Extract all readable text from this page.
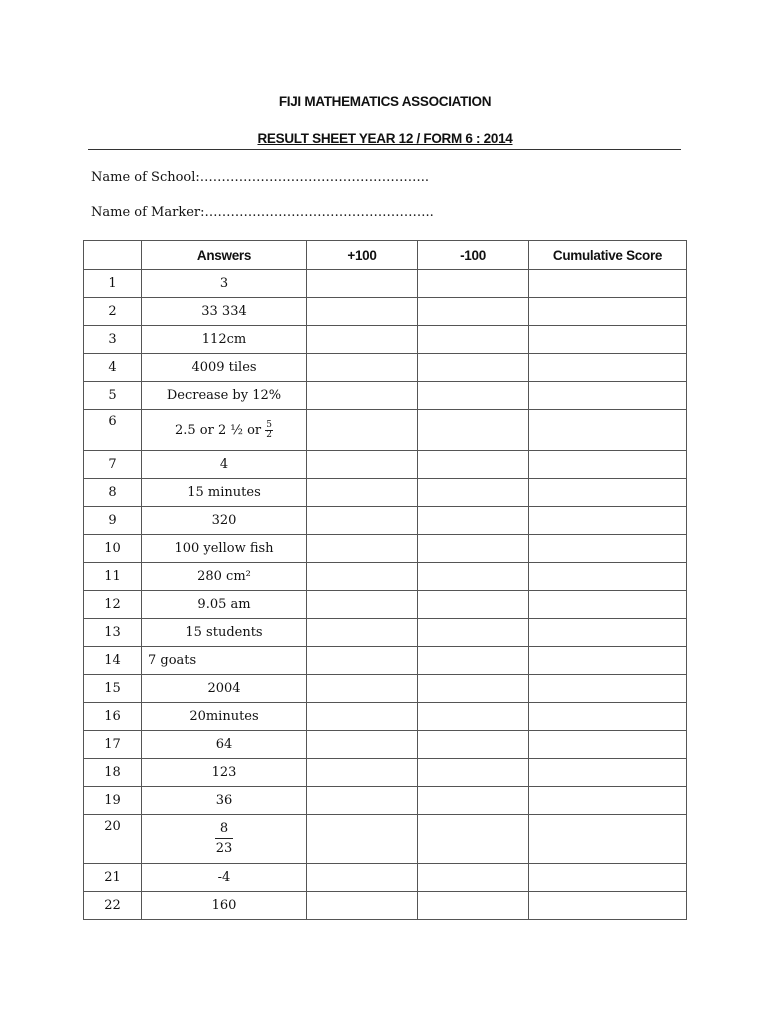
FIJI MATHEMATICS ASSOCIATION
RESULT SHEET YEAR 12 / FORM 6 : 2014
Name of School:……………………………………………..
Name of Marker:……………………………………………..
	Answers	+100	-100	Cumulative Score
1	3			
2	33 334			
3	112cm			
4	4009 tiles			
5	Decrease by 12%			
6	2.5 or 2 ½ or $\frac{5}{2}$

7	4			
8	15 minutes			
9	320			
10	100 yellow fish			
11	280 cm²			
12	9.05 am			
13	15 students			
14	7 goats			
15	2004			
16	20minutes			
17	64			
18	123			
19	36			
20	$\frac{8}{23}$

21	-4			
22	160			
